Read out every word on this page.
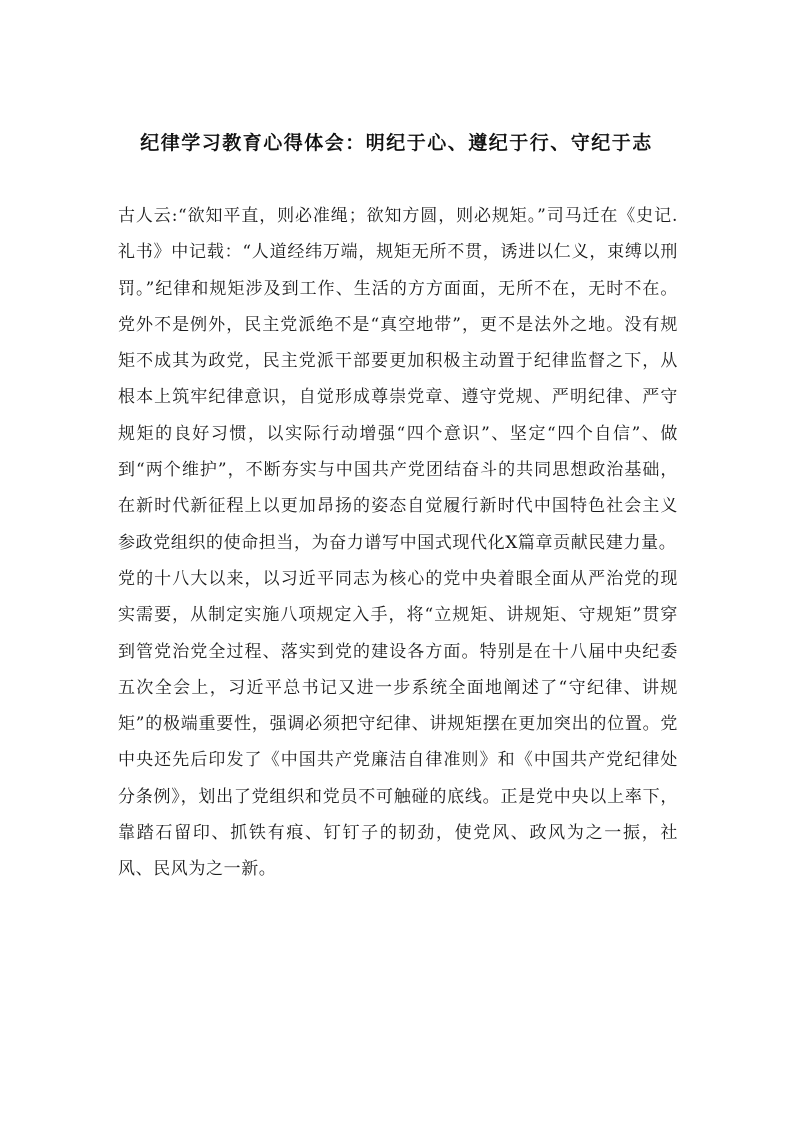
纪律学习教育心得体会：明纪于心、遵纪于行、守纪于志

古人云:“欲知平直，则必准绳；欲知方圆，则必规矩。”司马迁在《史记.礼书》中记载：“人道经纬万端，规矩无所不贯，诱进以仁义，束缚以刑罚。”纪律和规矩涉及到工作、生活的方方面面，无所不在，无时不在。党外不是例外，民主党派绝不是“真空地带”，更不是法外之地。没有规矩不成其为政党，民主党派干部要更加积极主动置于纪律监督之下，从根本上筑牢纪律意识，自觉形成尊崇党章、遵守党规、严明纪律、严守规矩的良好习惯，以实际行动增强“四个意识”、坚定“四个自信”、做到“两个维护”，不断夯实与中国共产党团结奋斗的共同思想政治基础，在新时代新征程上以更加昂扬的姿态自觉履行新时代中国特色社会主义参政党组织的使命担当，为奋力谱写中国式现代化X篇章贡献民建力量。

党的十八大以来，以习近平同志为核心的党中央着眼全面从严治党的现实需要，从制定实施八项规定入手，将“立规矩、讲规矩、守规矩”贯穿到管党治党全过程、落实到党的建设各方面。特别是在十八届中央纪委五次全会上，习近平总书记又进一步系统全面地阐述了“守纪律、讲规矩”的极端重要性，强调必须把守纪律、讲规矩摆在更加突出的位置。党中央还先后印发了《中国共产党廉洁自律准则》和《中国共产党纪律处分条例》，划出了党组织和党员不可触碰的底线。正是党中央以上率下，靠踏石留印、抓铁有痕、钉钉子的韧劲，使党风、政风为之一振，社风、民风为之一新。
